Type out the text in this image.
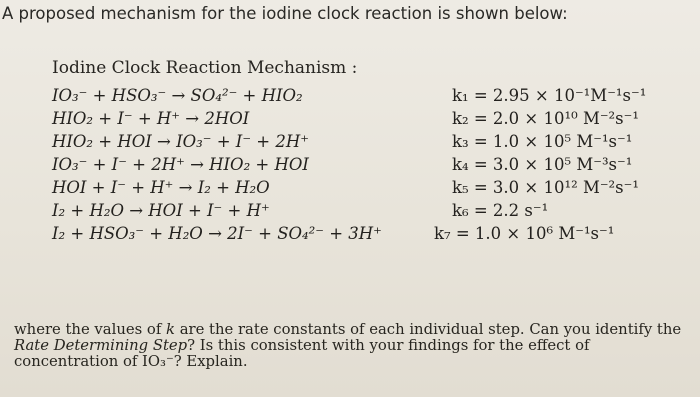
A proposed mechanism for the iodine clock reaction is shown below:
Iodine Clock Reaction Mechanism :
IO₃⁻ + HSO₃⁻ → SO₄²⁻ + HIO₂	k₁ = 2.95 × 10⁻¹M⁻¹s⁻¹
HIO₂ + I⁻ + H⁺ → 2HOI	k₂ = 2.0 × 10¹⁰ M⁻²s⁻¹
HIO₂ + HOI → IO₃⁻ + I⁻ + 2H⁺	k₃ = 1.0 × 10⁵ M⁻¹s⁻¹
IO₃⁻ + I⁻ + 2H⁺ → HIO₂ + HOI	k₄ = 3.0 × 10⁵ M⁻³s⁻¹
HOI + I⁻ + H⁺ → I₂ + H₂O	k₅ = 3.0 × 10¹² M⁻²s⁻¹
I₂ + H₂O → HOI + I⁻ + H⁺	k₆ = 2.2 s⁻¹
I₂ + HSO₃⁻ + H₂O → 2I⁻ + SO₄²⁻ + 3H⁺	k₇ = 1.0 × 10⁶ M⁻¹s⁻¹
where the values of k are the rate constants of each individual step. Can you identify the Rate Determining Step? Is this consistent with your findings for the effect of concentration of IO₃⁻? Explain.
